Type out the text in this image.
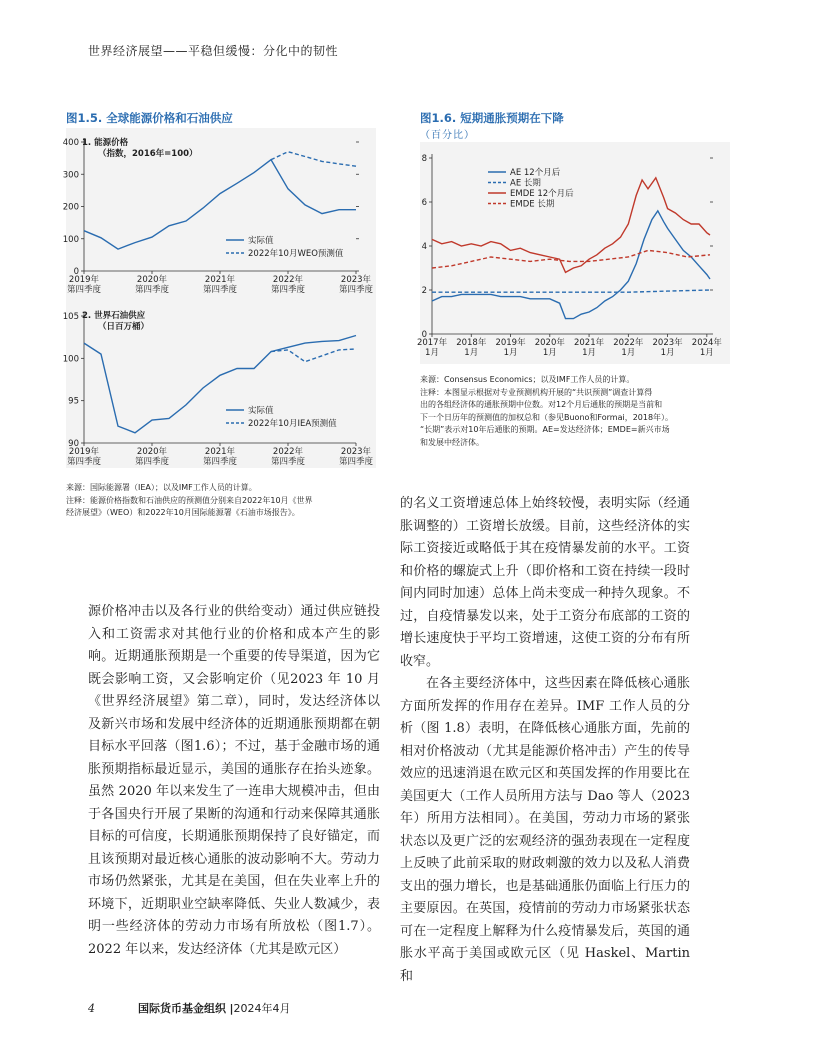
世界经济展望——平稳但缓慢：分化中的韧性
图1.5. 全球能源价格和石油供应
0
100
200
300
400
2019年
第四季度
2020年
第四季度
2021年
第四季度
2022年
第四季度
2023年
第四季度
实际值
2022年10月WEO预测值
1. 能源价格
（指数，2016年=100）
90
95
100
105
2019年
第四季度
2020年
第四季度
2021年
第四季度
2022年
第四季度
2023年
第四季度
实际值
2022年10月IEA预测值
2. 世界石油供应
（日百万桶）
来源：国际能源署（IEA）；以及IMF工作人员的计算。
注释：能源价格指数和石油供应的预测值分别来自2022年10月《世界
经济展望》（WEO）和2022年10月国际能源署《石油市场报告》。
图1.6. 短期通胀预期在下降
（百分比）
0
2
4
6
8
2017年
1月
2018年
1月
2019年
1月
2020年
1月
2021年
1月
2022年
1月
2023年
1月
2024年
1月
AE 12个月后
AE 长期
EMDE 12个月后
EMDE 长期
来源：Consensus Economics；以及IMF工作人员的计算。
注释：本图显示根据对专业预测机构开展的“共识预测”调查计算得
出的各组经济体的通胀预期中位数。对12个月后通胀的预期是当前和
下一个日历年的预测值的加权总和（参见Buono和Formai，2018年）。
“长期”表示对10年后通胀的预期。AE=发达经济体；EMDE=新兴市场
和发展中经济体。
源价格冲击以及各行业的供给变动）通过供应链投入和工资需求对其他行业的价格和成本产生的影响。近期通胀预期是一个重要的传导渠道，因为它既会影响工资，又会影响定价（见2023 年 10 月《世界经济展望》第二章），同时，发达经济体以及新兴市场和发展中经济体的近期通胀预期都在朝目标水平回落（图1.6）；不过，基于金融市场的通胀预期指标最近显示，美国的通胀存在抬头迹象。虽然 2020 年以来发生了一连串大规模冲击，但由于各国央行开展了果断的沟通和行动来保障其通胀目标的可信度，长期通胀预期保持了良好锚定，而且该预期对最近核心通胀的波动影响不大。劳动力市场仍然紧张，尤其是在美国，但在失业率上升的环境下，近期职业空缺率降低、失业人数减少，表明一些经济体的劳动力市场有所放松（图1.7）。2022 年以来，发达经济体（尤其是欧元区）
的名义工资增速总体上始终较慢，表明实际（经通胀调整的）工资增长放缓。目前，这些经济体的实际工资接近或略低于其在疫情暴发前的水平。工资和价格的螺旋式上升（即价格和工资在持续一段时间内同时加速）总体上尚未变成一种持久现象。不过，自疫情暴发以来，处于工资分布底部的工资的增长速度快于平均工资增速，这使工资的分布有所收窄。
在各主要经济体中，这些因素在降低核心通胀方面所发挥的作用存在差异。IMF 工作人员的分析（图 1.8）表明，在降低核心通胀方面，先前的相对价格波动（尤其是能源价格冲击）产生的传导效应的迅速消退在欧元区和英国发挥的作用要比在美国更大（工作人员所用方法与 Dao 等人（2023 年）所用方法相同）。在美国，劳动力市场的紧张状态以及更广泛的宏观经济的强劲表现在一定程度上反映了此前采取的财政刺激的效力以及私人消费支出的强力增长，也是基础通胀仍面临上行压力的主要原因。在英国，疫情前的劳动力市场紧张状态可在一定程度上解释为什么疫情暴发后，英国的通胀水平高于美国或欧元区（见 Haskel、Martin 和
4	国际货币基金组织 |2024年4月
